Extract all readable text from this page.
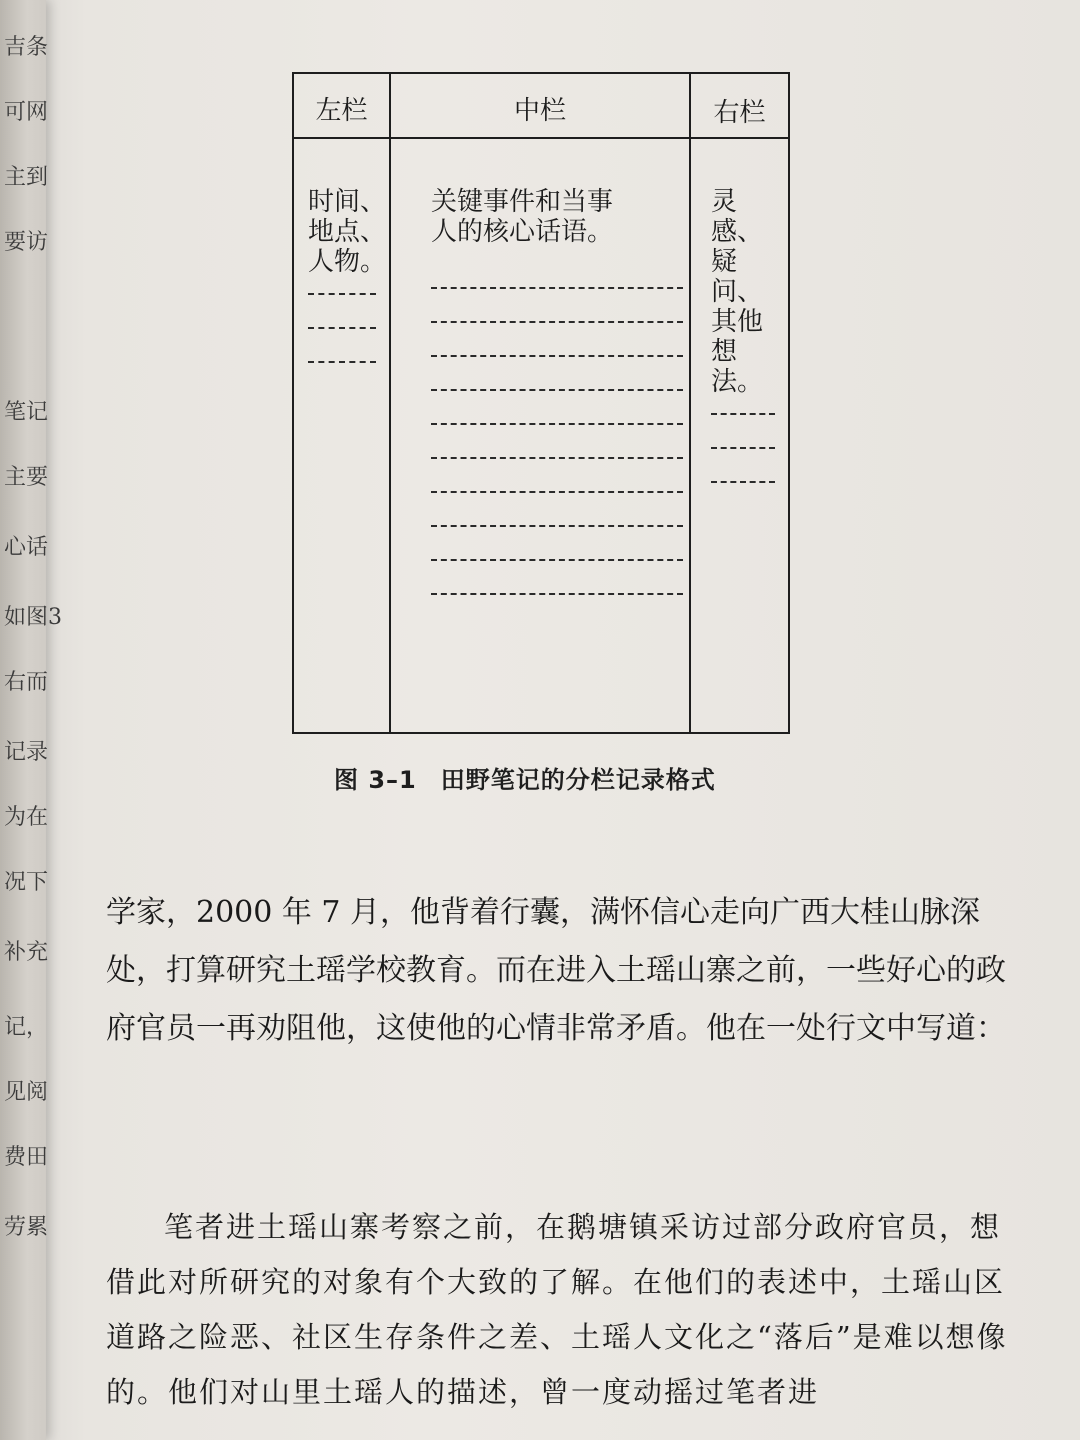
吉条
可网
主到
要访
笔记
主要
心话
如图3
右而
记录
为在
况下
补充
记，
见阅
费田
劳累
左栏	中栏	右栏
时间、
地点、
人物。
关键事件和当事
人的核心话语。
灵感、
疑问、
其他
想法。
图 3–1 田野笔记的分栏记录格式

学家，2000 年 7 月，他背着行囊，满怀信心走向广西大桂山脉深处，打算研究土瑶学校教育。而在进入土瑶山寨之前，一些好心的政府官员一再劝阻他，这使他的心情非常矛盾。他在一处行文中写道：

笔者进土瑶山寨考察之前，在鹅塘镇采访过部分政府官员，想借此对所研究的对象有个大致的了解。在他们的表述中，土瑶山区道路之险恶、社区生存条件之差、土瑶人文化之“落后”是难以想像的。他们对山里土瑶人的描述，曾一度动摇过笔者进
